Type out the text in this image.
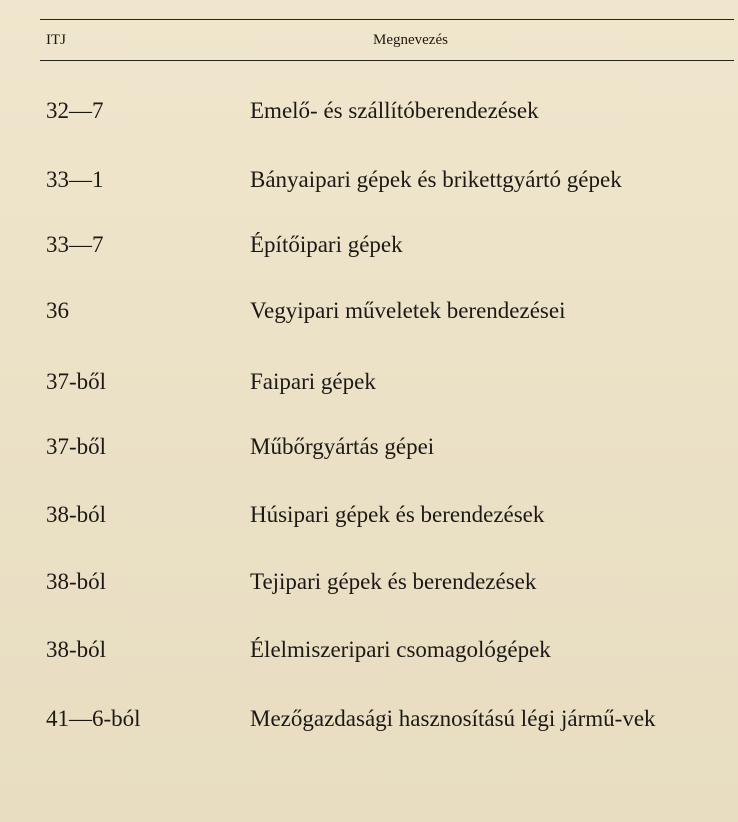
ITJ	Megnevezés
32—7	Emelő- és szállítóberendezések
33—1	Bányaipari gépek és brikettgyártó gépek
33—7	Építőipari gépek
36	Vegyipari műveletek berendezései
37-ből	Faipari gépek
37-ből	Műbőrgyártás gépei
38-ból	Húsipari gépek és berendezések
38-ból	Tejipari gépek és berendezések
38-ból	Élelmiszeripari csomagológépek
41—6-ból	Mezőgazdasági hasznosítású légi jármű-vek
